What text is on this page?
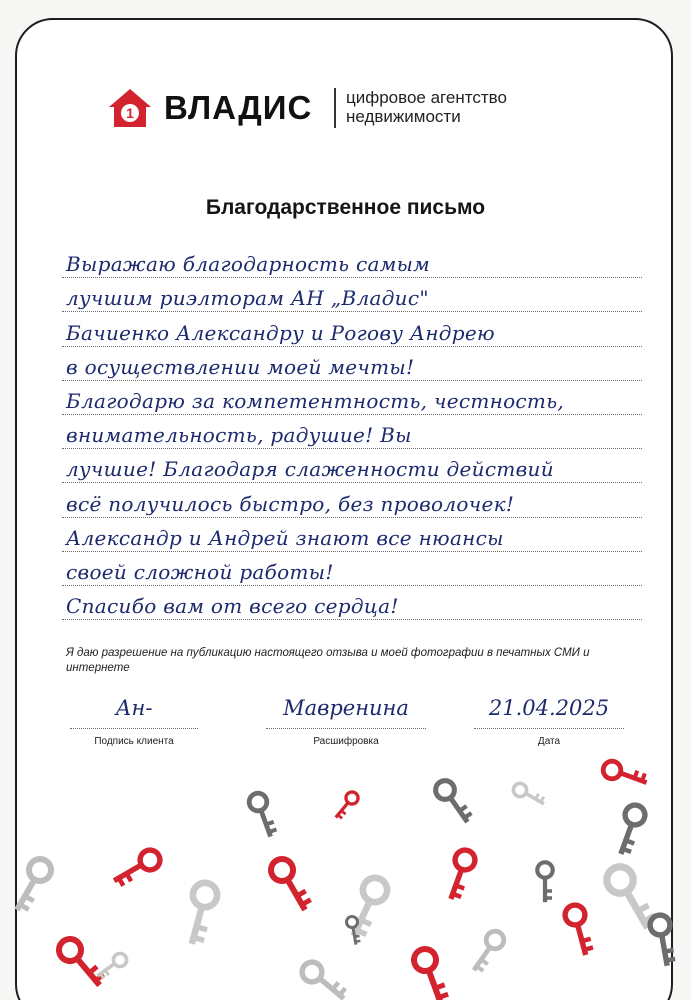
1 ВЛАДИС цифровое агентство
недвижимости
Благодарственное письмо
Выражаю благодарность самым
лучшим риэлторам АН „Владис"
Бачиенко Александру и Рогову Андрею
в осуществлении моей мечты!
Благодарю за компетентность, честность,
внимательность, радушие! Вы
лучшие! Благодаря слаженности действий
всё получилось быстро, без проволочек!
Александр и Андрей знают все нюансы
своей сложной работы!
Спасибо вам от всего сердца!
Я даю разрешение на публикацию настоящего отзыва и моей фотографии в печатных СМИ и интернете
Ан-
Подпись клиента
Мавренина
Расшифровка
21.04.2025
Дата
